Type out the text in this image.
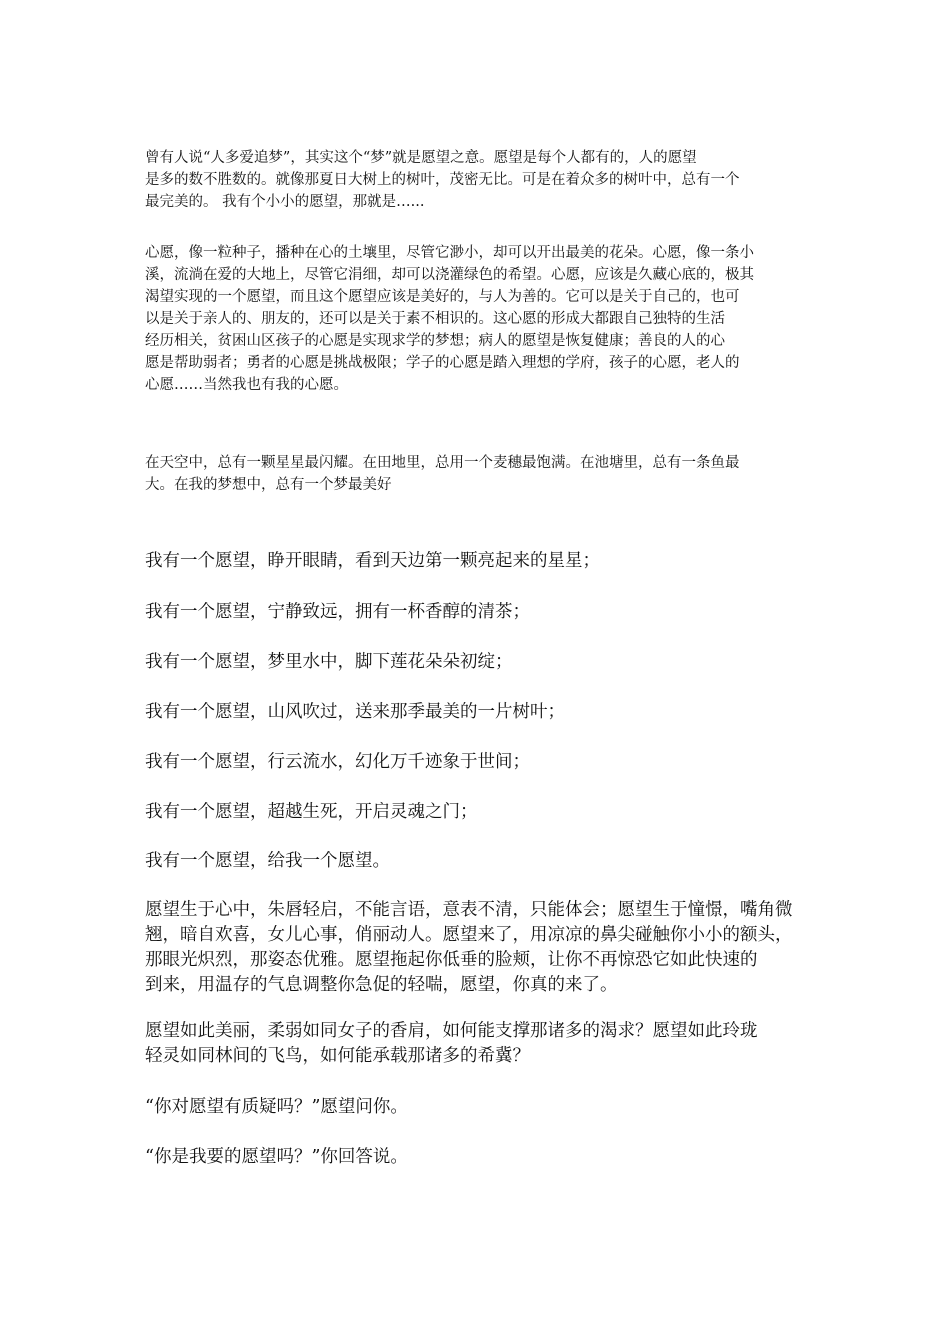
曾有人说“人多爱追梦”，其实这个“梦”就是愿望之意。愿望是每个人都有的，人的愿望
是多的数不胜数的。就像那夏日大树上的树叶，茂密无比。可是在着众多的树叶中，总有一个
最完美的。 我有个小小的愿望，那就是…...

心愿，像一粒种子，播种在心的土壤里，尽管它渺小，却可以开出最美的花朵。心愿，像一条小
溪，流淌在爱的大地上，尽管它涓细，却可以浇灌绿色的希望。心愿，应该是久藏心底的，极其
渴望实现的一个愿望，而且这个愿望应该是美好的，与人为善的。它可以是关于自己的，也可
以是关于亲人的、朋友的，还可以是关于素不相识的。这心愿的形成大都跟自己独特的生活
经历相关，贫困山区孩子的心愿是实现求学的梦想；病人的愿望是恢复健康；善良的人的心
愿是帮助弱者；勇者的心愿是挑战极限；学子的心愿是踏入理想的学府，孩子的心愿，老人的
心愿……当然我也有我的心愿。

在天空中，总有一颗星星最闪耀。在田地里，总用一个麦穗最饱满。在池塘里，总有一条鱼最
大。在我的梦想中，总有一个梦最美好

我有一个愿望，睁开眼睛，看到天边第一颗亮起来的星星；

我有一个愿望，宁静致远，拥有一杯香醇的清茶；

我有一个愿望，梦里水中，脚下莲花朵朵初绽；

我有一个愿望，山风吹过，送来那季最美的一片树叶；

我有一个愿望，行云流水，幻化万千迹象于世间；

我有一个愿望，超越生死，开启灵魂之门；

我有一个愿望，给我一个愿望。

愿望生于心中，朱唇轻启，不能言语，意表不清，只能体会；愿望生于憧憬，嘴角微
翘，暗自欢喜，女儿心事，俏丽动人。愿望来了，用凉凉的鼻尖碰触你小小的额头，
那眼光炽烈，那姿态优雅。愿望拖起你低垂的脸颊，让你不再惊恐它如此快速的
到来，用温存的气息调整你急促的轻喘，愿望，你真的来了。

愿望如此美丽，柔弱如同女子的香肩，如何能支撑那诸多的渴求？愿望如此玲珑
轻灵如同林间的飞鸟，如何能承载那诸多的希冀？

“你对愿望有质疑吗？”愿望问你。

“你是我要的愿望吗？”你回答说。
